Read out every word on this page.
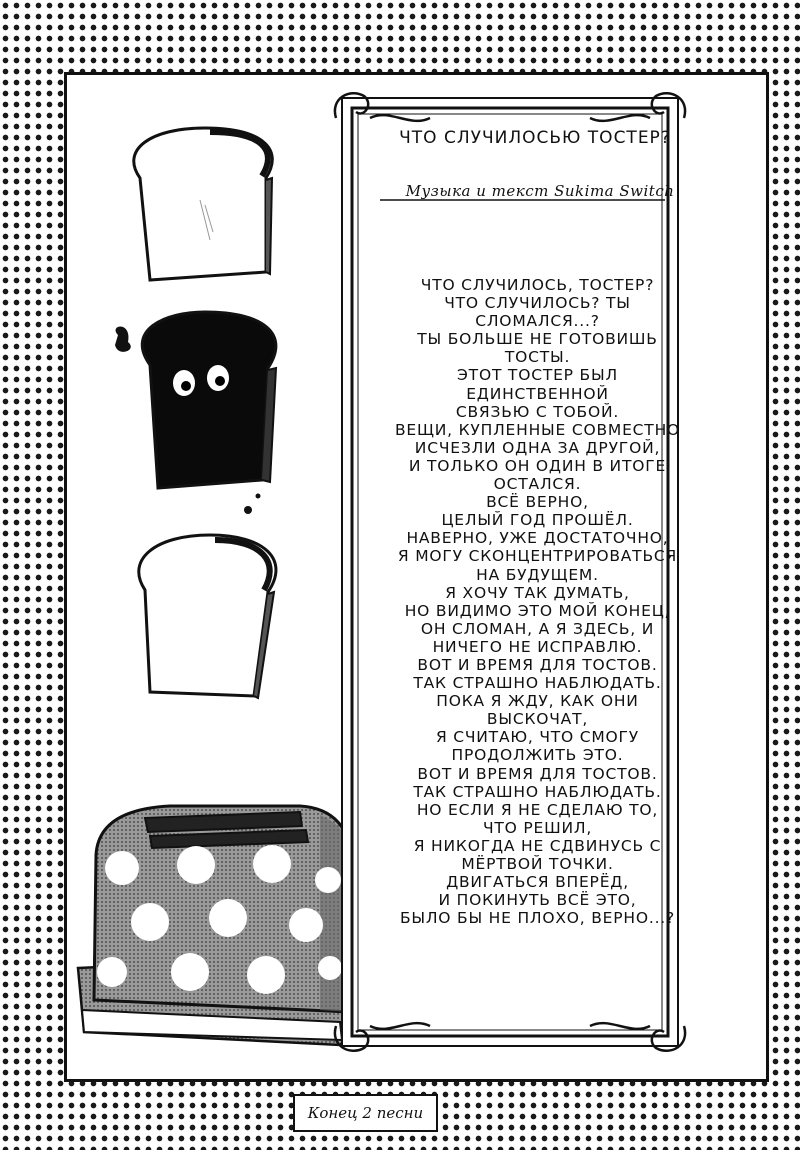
ЧТО СЛУЧИЛОСЬЮ ТОСТЕР?
Музыка и текст Sukima Switch
ЧТО СЛУЧИЛОСЬ, ТОСТЕР?
ЧТО СЛУЧИЛОСЬ? ТЫ
СЛОМАЛСЯ...?
ТЫ БОЛЬШЕ НЕ ГОТОВИШЬ
ТОСТЫ.
ЭТОТ ТОСТЕР БЫЛ
ЕДИНСТВЕННОЙ
СВЯЗЬЮ С ТОБОЙ.
ВЕЩИ, КУПЛЕННЫЕ СОВМЕСТНО
ИСЧЕЗЛИ ОДНА ЗА ДРУГОЙ,
И ТОЛЬКО ОН ОДИН В ИТОГЕ
ОСТАЛСЯ.
ВСЁ ВЕРНО,
ЦЕЛЫЙ ГОД ПРОШЁЛ.
НАВЕРНО, УЖЕ ДОСТАТОЧНО,
Я МОГУ СКОНЦЕНТРИРОВАТЬСЯ
НА БУДУЩЕМ.
Я ХОЧУ ТАК ДУМАТЬ,
НО ВИДИМО ЭТО МОЙ КОНЕЦ,
ОН СЛОМАН, А Я ЗДЕСЬ, И
НИЧЕГО НЕ ИСПРАВЛЮ.
ВОТ И ВРЕМЯ ДЛЯ ТОСТОВ.
ТАК СТРАШНО НАБЛЮДАТЬ.
ПОКА Я ЖДУ, КАК ОНИ
ВЫСКОЧАТ,
Я СЧИТАЮ, ЧТО СМОГУ
ПРОДОЛЖИТЬ ЭТО.
ВОТ И ВРЕМЯ ДЛЯ ТОСТОВ.
ТАК СТРАШНО НАБЛЮДАТЬ.
НО ЕСЛИ Я НЕ СДЕЛАЮ ТО,
ЧТО РЕШИЛ,
Я НИКОГДА НЕ СДВИНУСЬ С
МЁРТВОЙ ТОЧКИ.
ДВИГАТЬСЯ ВПЕРЁД,
И ПОКИНУТЬ ВСЁ ЭТО,
БЫЛО БЫ НЕ ПЛОХО, ВЕРНО...?
Конец 2 песни
